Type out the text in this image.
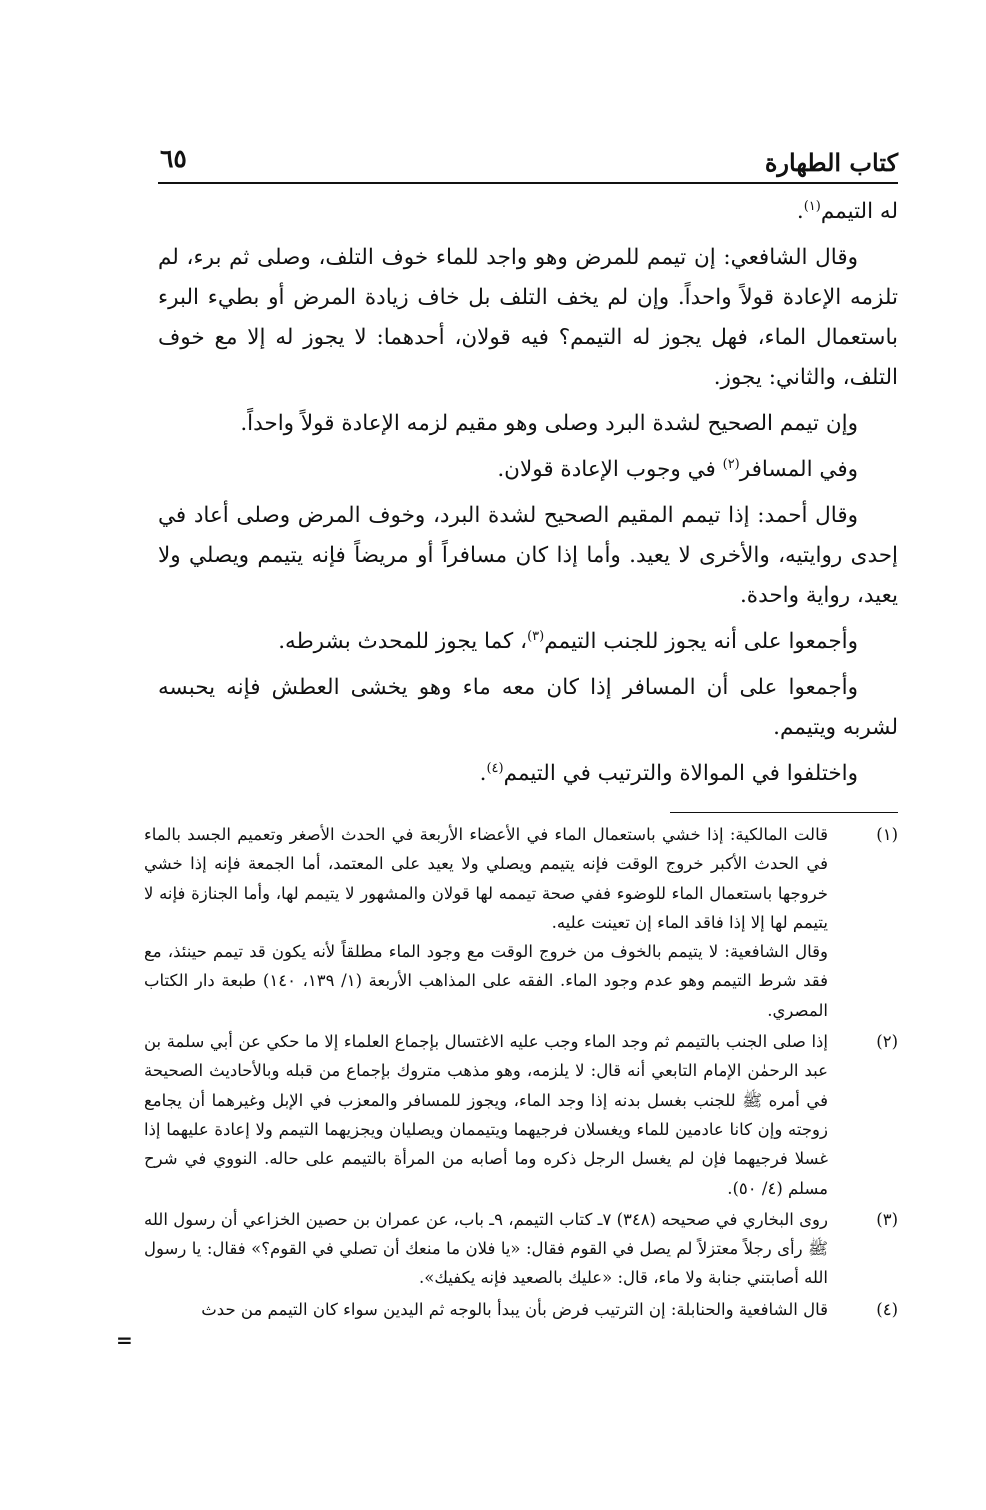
كتاب الطهارة
٦٥

له التيمم$^{(١)}$.

وقال الشافعي: إن تيمم للمرض وهو واجد للماء خوف التلف، وصلى ثم برء، لم تلزمه الإعادة قولاً واحداً. وإن لم يخف التلف بل خاف زيادة المرض أو بطيء البرء باستعمال الماء، فهل يجوز له التيمم؟ فيه قولان، أحدهما: لا يجوز له إلا مع خوف التلف، والثاني: يجوز.

وإن تيمم الصحيح لشدة البرد وصلى وهو مقيم لزمه الإعادة قولاً واحداً.

وفي المسافر$^{(٢)}$ في وجوب الإعادة قولان.

وقال أحمد: إذا تيمم المقيم الصحيح لشدة البرد، وخوف المرض وصلى أعاد في إحدى روايتيه، والأخرى لا يعيد. وأما إذا كان مسافراً أو مريضاً فإنه يتيمم ويصلي ولا يعيد، رواية واحدة.

وأجمعوا على أنه يجوز للجنب التيمم$^{(٣)}$، كما يجوز للمحدث بشرطه.

وأجمعوا على أن المسافر إذا كان معه ماء وهو يخشى العطش فإنه يحبسه لشربه ويتيمم.

واختلفوا في الموالاة والترتيب في التيمم$^{(٤)}$.

(١)

قالت المالكية: إذا خشي باستعمال الماء في الأعضاء الأربعة في الحدث الأصغر وتعميم الجسد بالماء في الحدث الأكبر خروج الوقت فإنه يتيمم ويصلي ولا يعيد على المعتمد، أما الجمعة فإنه إذا خشي خروجها باستعمال الماء للوضوء ففي صحة تيممه لها قولان والمشهور لا يتيمم لها، وأما الجنازة فإنه لا يتيمم لها إلا إذا فاقد الماء إن تعينت عليه.

وقال الشافعية: لا يتيمم بالخوف من خروج الوقت مع وجود الماء مطلقاً لأنه يكون قد تيمم حينئذ، مع فقد شرط التيمم وهو عدم وجود الماء. الفقه على المذاهب الأربعة (١/ ١٣٩، ١٤٠) طبعة دار الكتاب المصري.

(٢)

إذا صلى الجنب بالتيمم ثم وجد الماء وجب عليه الاغتسال بإجماع العلماء إلا ما حكي عن أبي سلمة بن عبد الرحمٰن الإمام التابعي أنه قال: لا يلزمه، وهو مذهب متروك بإجماع من قبله وبالأحاديث الصحيحة في أمره ﷺ للجنب بغسل بدنه إذا وجد الماء، ويجوز للمسافر والمعزب في الإبل وغيرهما أن يجامع زوجته وإن كانا عادمين للماء ويغسلان فرجيهما ويتيممان ويصليان ويجزيهما التيمم ولا إعادة عليهما إذا غسلا فرجيهما فإن لم يغسل الرجل ذكره وما أصابه من المرأة بالتيمم على حاله. النووي في شرح مسلم (٤/ ٥٠).

(٣)

روى البخاري في صحيحه (٣٤٨) ٧ـ كتاب التيمم، ٩ـ باب، عن عمران بن حصين الخزاعي أن رسول الله ﷺ رأى رجلاً معتزلاً لم يصل في القوم فقال: «يا فلان ما منعك أن تصلي في القوم؟» فقال: يا رسول الله أصابتني جنابة ولا ماء، قال: «عليك بالصعيد فإنه يكفيك».

(٤)

قال الشافعية والحنابلة: إن الترتيب فرض بأن يبدأ بالوجه ثم اليدين سواء كان التيمم من حدث

=
